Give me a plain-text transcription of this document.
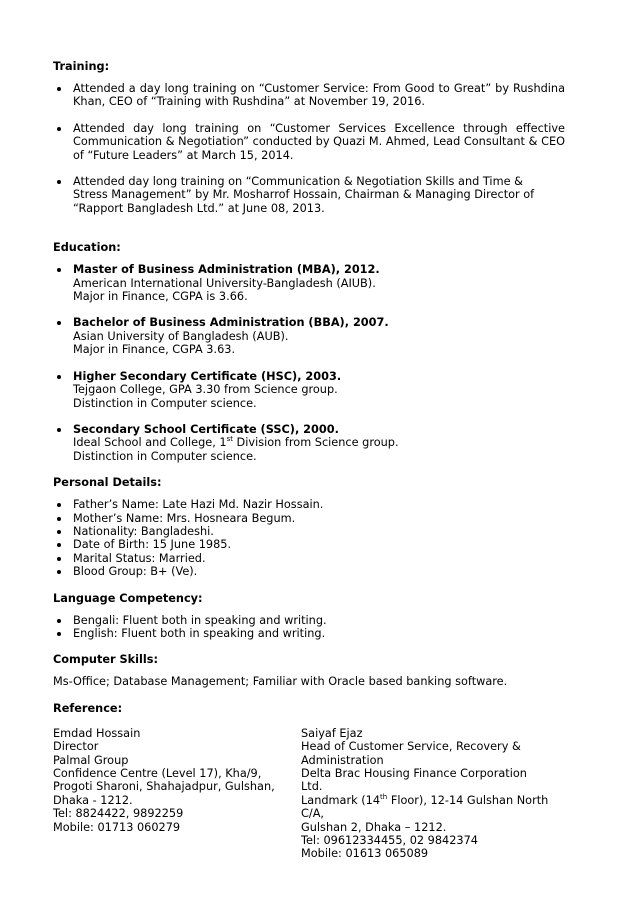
Training:
Attended a day long training on “Customer Service: From Good to Great” by Rushdina Khan, CEO of “Training with Rushdina” at November 19, 2016.
Attended day long training on “Customer Services Excellence through effective Communication & Negotiation” conducted by Quazi M. Ahmed, Lead Consultant & CEO of “Future Leaders” at March 15, 2014.
Attended day long training on “Communication & Negotiation Skills and Time & Stress Management” by Mr. Mosharrof Hossain, Chairman & Managing Director of “Rapport Bangladesh Ltd.” at June 08, 2013.
Education:
Master of Business Administration (MBA), 2012.
American International University-Bangladesh (AIUB).
Major in Finance, CGPA is 3.66.
Bachelor of Business Administration (BBA), 2007.
Asian University of Bangladesh (AUB).
Major in Finance, CGPA 3.63.
Higher Secondary Certificate (HSC), 2003.
Tejgaon College, GPA 3.30 from Science group.
Distinction in Computer science.
Secondary School Certificate (SSC), 2000.
Ideal School and College, 1st Division from Science group.
Distinction in Computer science.
Personal Details:
Father’s Name: Late Hazi Md. Nazir Hossain.
Mother’s Name: Mrs. Hosneara Begum.
Nationality: Bangladeshi.
Date of Birth: 15 June 1985.
Marital Status: Married.
Blood Group: B+ (Ve).
Language Competency:
Bengali: Fluent both in speaking and writing.
English: Fluent both in speaking and writing.
Computer Skills:
Ms-Office; Database Management; Familiar with Oracle based banking software.
Reference:
Emdad Hossain
Director
Palmal Group
Confidence Centre (Level 17), Kha/9,
Progoti Sharoni, Shahajadpur, Gulshan,
Dhaka - 1212.
Tel: 8824422, 9892259
Mobile: 01713 060279
Saiyaf Ejaz
Head of Customer Service, Recovery &
Administration
Delta Brac Housing Finance Corporation Ltd.
Landmark (14th Floor), 12-14 Gulshan North C/A,
Gulshan 2, Dhaka – 1212.
Tel: 09612334455, 02 9842374
Mobile: 01613 065089
